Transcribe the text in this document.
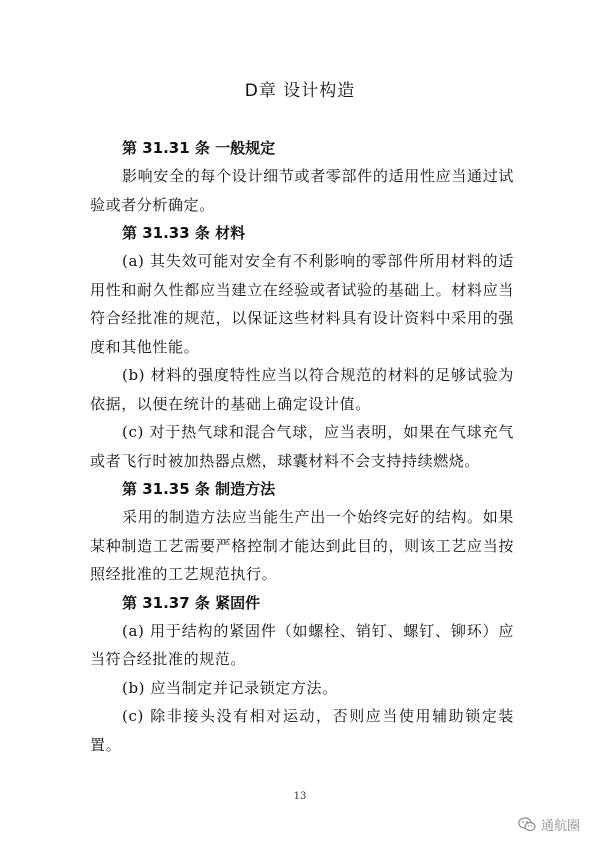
D章 设计构造
第 31.31 条 一般规定

影响安全的每个设计细节或者零部件的适用性应当通过试验或者分析确定。

第 31.33 条 材料

(a) 其失效可能对安全有不利影响的零部件所用材料的适用性和耐久性都应当建立在经验或者试验的基础上。材料应当符合经批准的规范，以保证这些材料具有设计资料中采用的强度和其他性能。

(b) 材料的强度特性应当以符合规范的材料的足够试验为依据，以便在统计的基础上确定设计值。

(c) 对于热气球和混合气球，应当表明，如果在气球充气或者飞行时被加热器点燃，球囊材料不会支持持续燃烧。

第 31.35 条 制造方法

采用的制造方法应当能生产出一个始终完好的结构。如果某种制造工艺需要严格控制才能达到此目的，则该工艺应当按照经批准的工艺规范执行。

第 31.37 条 紧固件

(a) 用于结构的紧固件（如螺栓、销钉、螺钉、铆环）应当符合经批准的规范。

(b) 应当制定并记录锁定方法。

(c) 除非接头没有相对运动，否则应当使用辅助锁定装置。

13
通航圈
